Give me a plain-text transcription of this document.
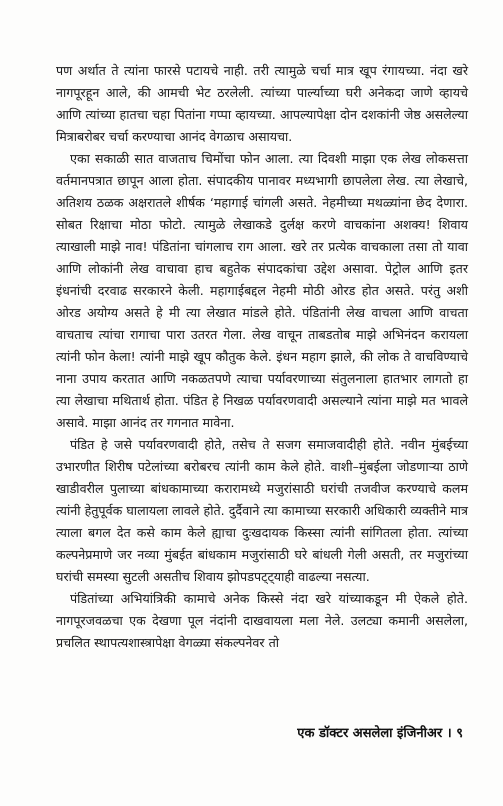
पण अर्थात ते त्यांना फारसे पटायचे नाही. तरी त्यामुळे चर्चा मात्र खूप रंगायच्या. नंदा खरे नागपूरहून आले, की आमची भेट ठरलेली. त्यांच्या पार्ल्याच्या घरी अनेकदा जाणे व्हायचे आणि त्यांच्या हातचा चहा पितांना गप्पा व्हायच्या. आपल्यापेक्षा दोन दशकांनी जेष्ठ असलेल्या मित्राबरोबर चर्चा करण्याचा आनंद वेगळाच असायचा.

एका सकाळी सात वाजताच चिमोंचा फोन आला. त्या दिवशी माझा एक लेख लोकसत्ता वर्तमानपत्रात छापून आला होता. संपादकीय पानावर मध्यभागी छापलेला लेख. त्या लेखाचे, अतिशय ठळक अक्षरातले शीर्षक ‘महागाई चांगली असते. नेहमीच्या मथळ्यांना छेद देणारा. सोबत रिक्षाचा मोठा फोटो. त्यामुळे लेखाकडे दुर्लक्ष करणे वाचकांना अशक्य! शिवाय त्याखाली माझे नाव! पंडितांना चांगलाच राग आला. खरे तर प्रत्येक वाचकाला तसा तो यावा आणि लोकांनी लेख वाचावा हाच बहुतेक संपादकांचा उद्देश असावा. पेट्रोल आणि इतर इंधनांची दरवाढ सरकारने केली. महागाईबद्दल नेहमी मोठी ओरड होत असते. परंतु अशी ओरड अयोग्य असते हे मी त्या लेखात मांडले होते. पंडितांनी लेख वाचला आणि वाचता वाचताच त्यांचा रागाचा पारा उतरत गेला. लेख वाचून ताबडतोब माझे अभिनंदन करायला त्यांनी फोन केला! त्यांनी माझे खूप कौतुक केले. इंधन महाग झाले, की लोक ते वाचविण्याचे नाना उपाय करतात आणि नकळतपणे त्याचा पर्यावरणाच्या संतुलनाला हातभार लागतो हा त्या लेखाचा मथितार्थ होता. पंडित हे निखळ पर्यावरणवादी असल्याने त्यांना माझे मत भावले असावे. माझा आनंद तर गगनात मावेना.

पंडित हे जसे पर्यावरणवादी होते, तसेच ते सजग समाजवादीही होते. नवीन मुंबईच्या उभारणीत शिरीष पटेलांच्या बरोबरच त्यांनी काम केले होते. वाशी–मुंबईला जोडणाऱ्या ठाणे खाडीवरील पुलाच्या बांधकामाच्या करारामध्ये मजुरांसाठी घरांची तजवीज करण्याचे कलम त्यांनी हेतुपूर्वक घालायला लावले होते. दुर्दैवाने त्या कामाच्या सरकारी अधिकारी व्यक्तीने मात्र त्याला बगल देत कसे काम केले ह्याचा दुःखदायक किस्सा त्यांनी सांगितला होता. त्यांच्या कल्पनेप्रमाणे जर नव्या मुंबईत बांधकाम मजुरांसाठी घरे बांधली गेली असती, तर मजुरांच्या घरांची समस्या सुटली असतीच शिवाय झोपडपट्ट्याही वाढल्या नसत्या.

पंडितांच्या अभियांत्रिकी कामाचे अनेक किस्से नंदा खरे यांच्याकडून मी ऐकले होते. नागपूरजवळचा एक देखणा पूल नंदांनी दाखवायला मला नेले. उलट्या कमानी असलेला, प्रचलित स्थापत्यशास्त्रापेक्षा वेगळ्या संकल्पनेवर तो

एक डॉक्टर असलेला इंजिनीअर । ९
